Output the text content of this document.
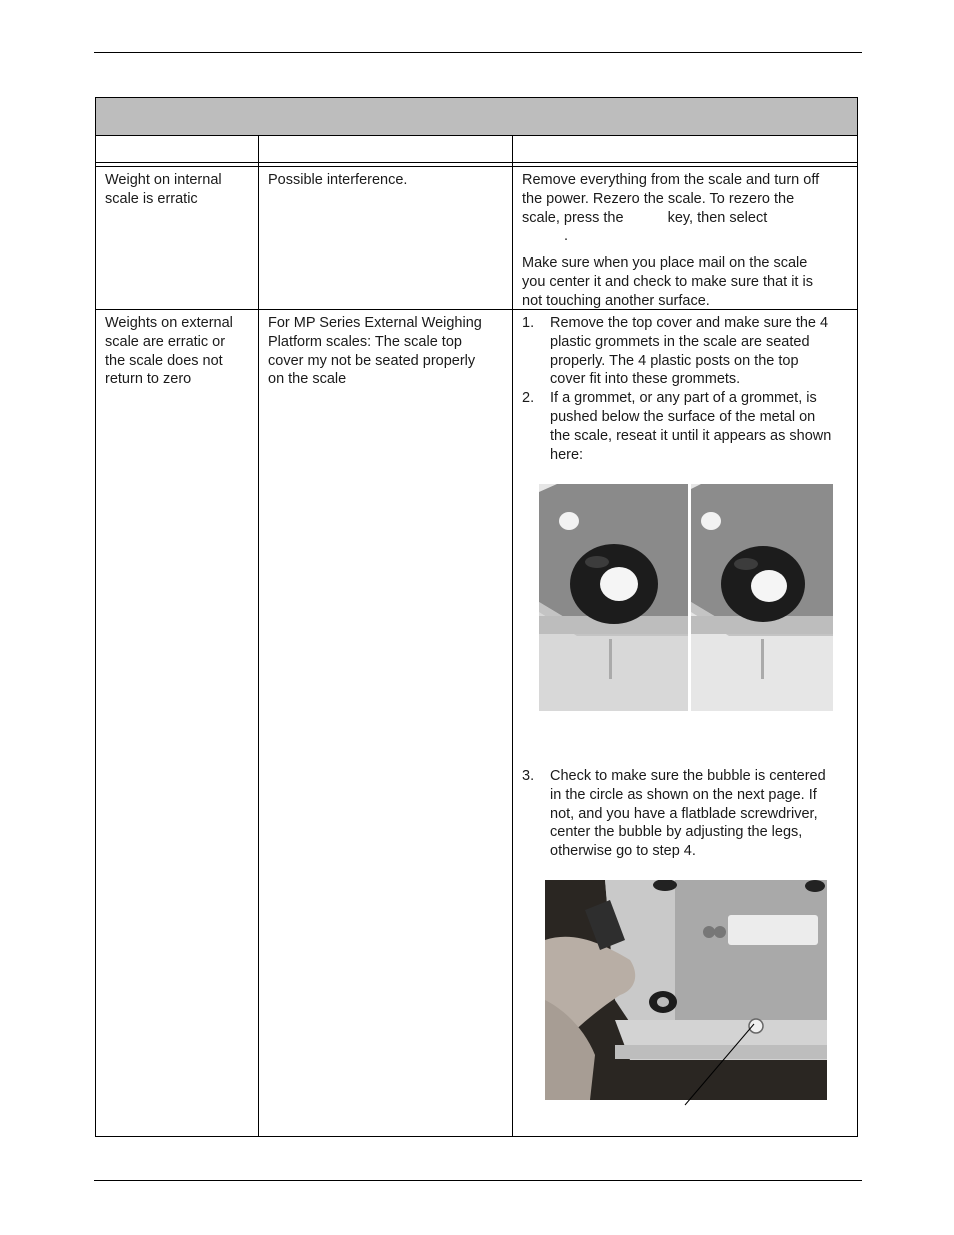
Weight on internal

scale is erratic

Possible interference.	Remove everything from the scale and turn off

the power. Rezero the scale. To rezero the

scale, press the	key, then select

.

Make sure when you place mail on the scale

you center it and check to make sure that it is

not touching another surface.

Weights on external

scale are erratic or

the scale does not

return to zero

For MP Series External Weighing

Platform scales: The scale top

cover my not be seated properly

on the scale

1. Remove the top cover and make sure the 4

plastic grommets in the scale are seated

properly. The 4 plastic posts on the top

cover fit into these grommets.

2. If a grommet, or any part of a grommet, is

pushed below the surface of the metal on

the scale, reseat it until it appears as shown

here:

3. Check to make sure the bubble is centered

in the circle as shown on the next page. If

not, and you have a flatblade screwdriver,

center the bubble by adjusting the legs,

otherwise go to step 4.
